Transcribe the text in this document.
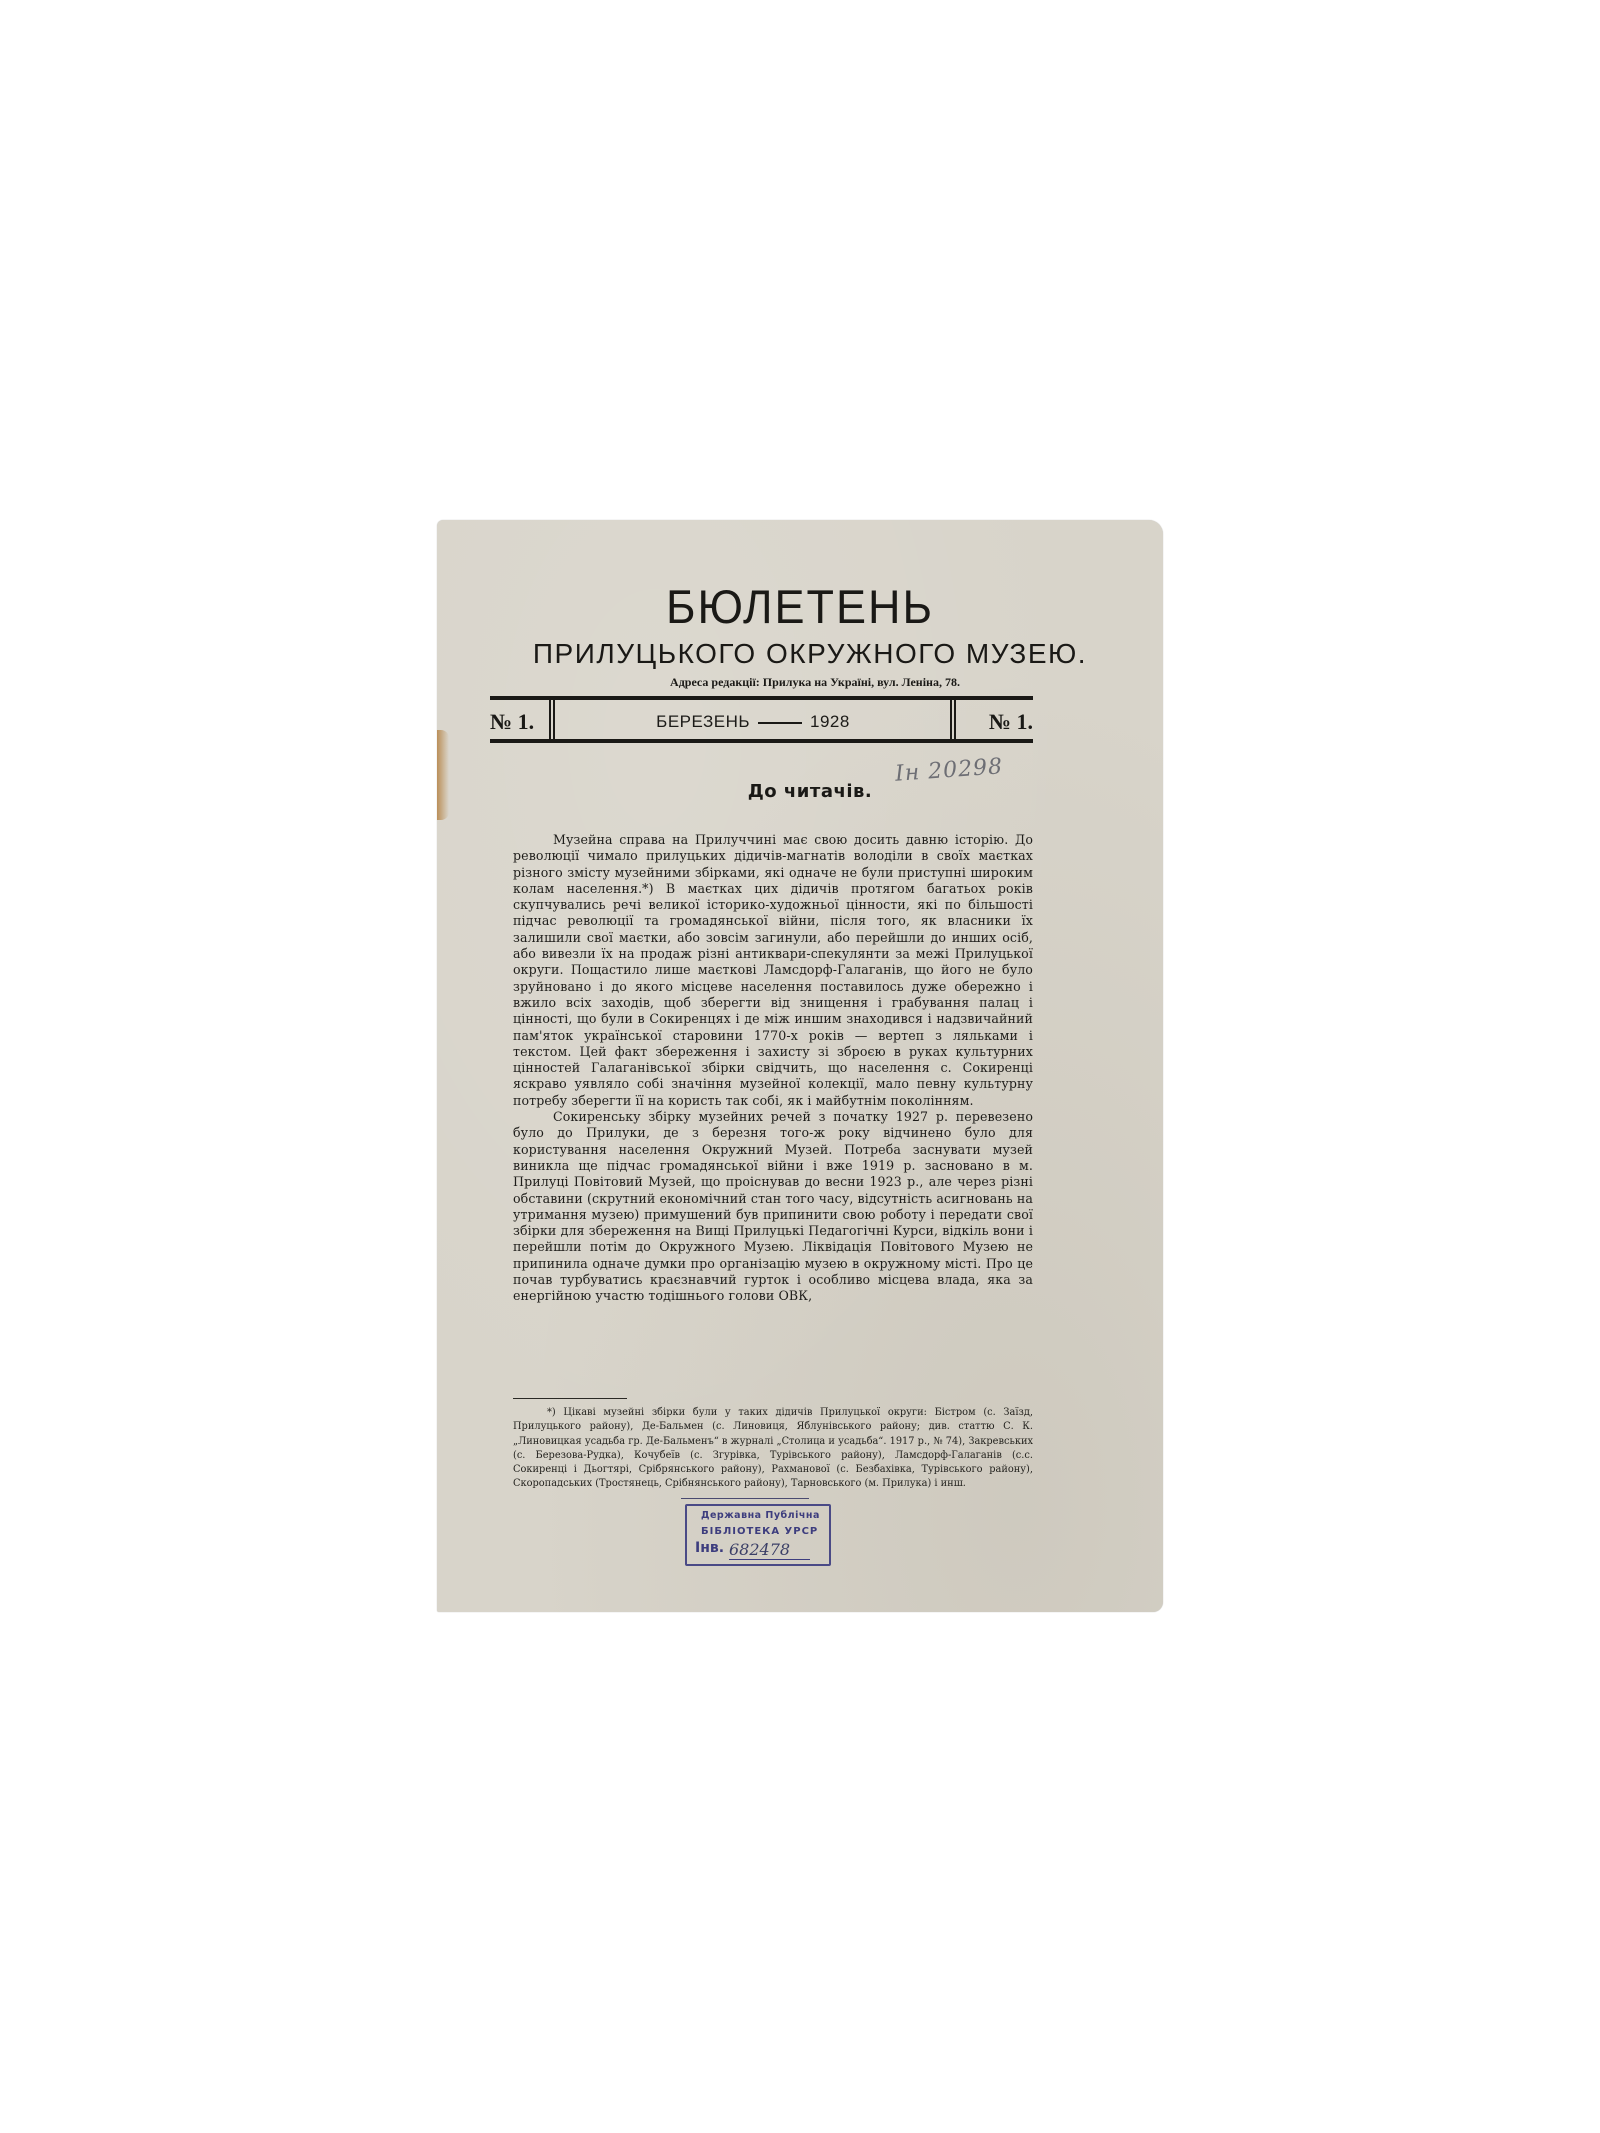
БЮЛЕТЕНЬ
ПРИЛУЦЬКОГО ОКРУЖНОГО МУЗЕЮ.
Адреса редакції: Прилука на Україні, вул. Леніна, 78.
№ 1.	БЕРЕЗЕНЬ	1928	№ 1.
Ін 20298
До читачів.

Музейна справа на Прилуччині має свою досить давню історію. До революції чимало прилуцьких дідичів-магнатів володіли в своїх маєтках різного змісту музейними збірками, які одначе не були приступні широким колам населення.*) В маєтках цих дідичів протягом багатьох років скупчувались речі великої історико-художньої цінности, які по більшості підчас революції та громадянської війни, після того, як власники їх залишили свої маєтки, або зовсім загинули, або перейшли до инших осіб, або вивезли їх на продаж різні антиквари-спекулянти за межі Прилуцької округи. Пощастило лише маєткові Ламсдорф-Галаганів, що його не було зруйновано і до якого місцеве населення поставилось дуже обережно і вжило всіх заходів, щоб зберегти від знищення і грабування палац і цінності, що були в Сокиренцях і де між иншим знаходився і надзвичайний пам'яток української старовини 1770-х років — вертеп з ляльками і текстом. Цей факт збереження і захисту зі зброєю в руках культурних цінностей Галаганівської збірки свідчить, що населення с. Сокиренці яскраво уявляло собі значіння музейної колекції, мало певну культурну потребу зберегти її на користь так собі, як і майбутнім поколінням.

Сокиренську збірку музейних речей з початку 1927 р. перевезено було до Прилуки, де з березня того-ж року відчинено було для користування населення Окружний Музей. Потреба заснувати музей виникла ще підчас громадянської війни і вже 1919 р. засновано в м. Прилуці Повітовий Музей, що проіснував до весни 1923 р., але через різні обставини (скрутний економічний стан того часу, відсутність асигновань на утримання музею) примушений був припинити свою роботу і передати свої збірки для збереження на Вищі Прилуцькі Педагогічні Курси, відкіль вони і перейшли потім до Окружного Музею. Ліквідація Повітового Музею не припинила одначе думки про організацію музею в окружному місті. Про це почав турбуватись краєзнавчий гурток і особливо місцева влада, яка за енергійною участю тодішнього голови ОВК,

*) Цікаві музейні збірки були у таких дідичів Прилуцької округи: Бістром (с. Заїзд, Прилуцького району), Де-Бальмен (с. Линовиця, Яблунівського району; див. статтю С. К. „Линовицкая усадьба гр. Де-Бальменъ“ в журналі „Столица и усадьба“. 1917 р., № 74), Закревських (с. Березова-Рудка), Кочубеїв (с. Згурівка, Турівського району), Ламсдорф-Галаганів (с.с. Сокиренці і Дьогтярі, Срібрянського району), Рахманової (с. Безбахівка, Турівського району), Скоропадських (Тростянець, Срібнянського району), Тарновського (м. Прилука) і инш.

Державна Публічна
БІБЛІОТЕКА УРСР
Інв. 682478
